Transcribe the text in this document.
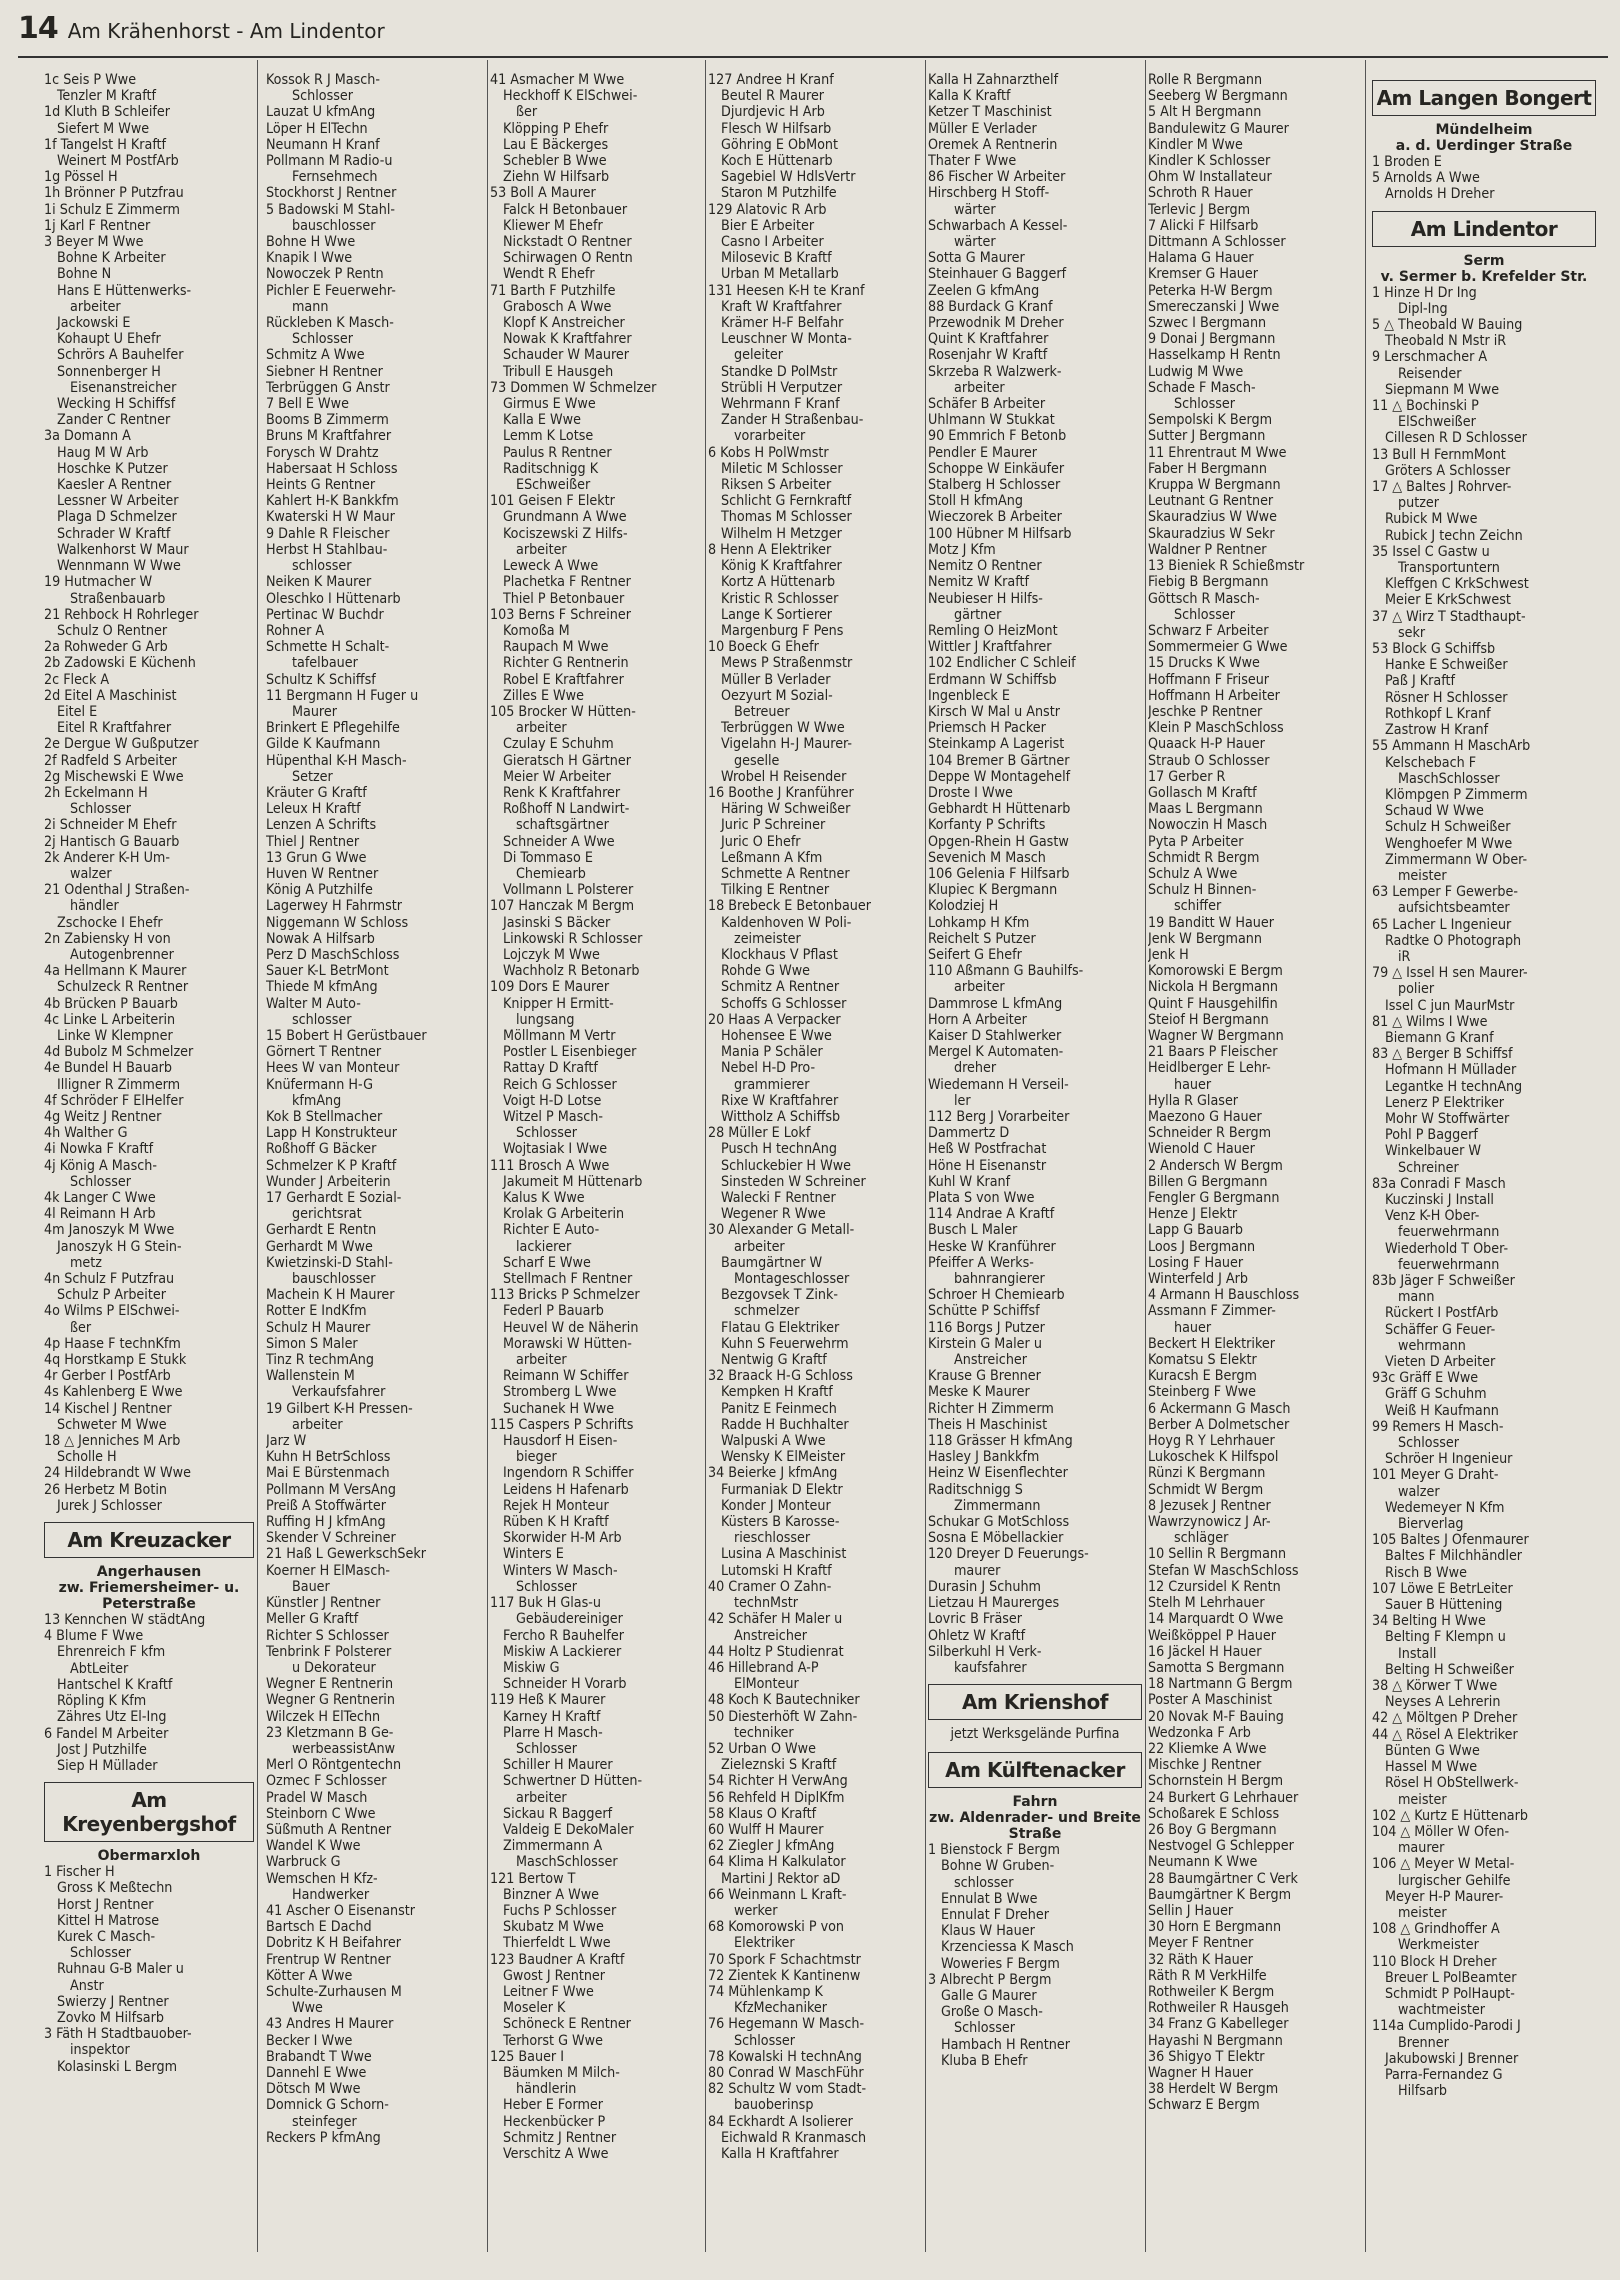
14 Am Krähenhorst - Am Lindentor
1c Seis P Wwe
Tenzler M Kraftf
1d Kluth B Schleifer
Siefert M Wwe
1f Tangelst H Kraftf
Weinert M PostfArb
1g Pössel H
1h Brönner P Putzfrau
1i Schulz E Zimmerm
1j Karl F Rentner
3 Beyer M Wwe
Bohne K Arbeiter
Bohne N
Hans E Hüttenwerks-
arbeiter
Jackowski E
Kohaupt U Ehefr
Schrörs A Bauhelfer
Sonnenberger H
Eisenanstreicher
Wecking H Schiffsf
Zander C Rentner
3a Domann A
Haug M W Arb
Hoschke K Putzer
Kaesler A Rentner
Lessner W Arbeiter
Plaga D Schmelzer
Schrader W Kraftf
Walkenhorst W Maur
Wennmann W Wwe
19 Hutmacher W
Straßenbauarb
21 Rehbock H Rohrleger
Schulz O Rentner
2a Rohweder G Arb
2b Zadowski E Küchenh
2c Fleck A
2d Eitel A Maschinist
Eitel E
Eitel R Kraftfahrer
2e Dergue W Gußputzer
2f Radfeld S Arbeiter
2g Mischewski E Wwe
2h Eckelmann H
Schlosser
2i Schneider M Ehefr
2j Hantisch G Bauarb
2k Anderer K-H Um-
walzer
21 Odenthal J Straßen-
händler
Zschocke I Ehefr
2n Zabiensky H von
Autogenbrenner
4a Hellmann K Maurer
Schulzeck R Rentner
4b Brücken P Bauarb
4c Linke L Arbeiterin
Linke W Klempner
4d Bubolz M Schmelzer
4e Bundel H Bauarb
Illigner R Zimmerm
4f Schröder F ElHelfer
4g Weitz J Rentner
4h Walther G
4i Nowka F Kraftf
4j König A Masch-
Schlosser
4k Langer C Wwe
4l Reimann H Arb
4m Janoszyk M Wwe
Janoszyk H G Stein-
metz
4n Schulz F Putzfrau
Schulz P Arbeiter
4o Wilms P ElSchwei-
ßer
4p Haase F technKfm
4q Horstkamp E Stukk
4r Gerber I PostfArb
4s Kahlenberg E Wwe
14 Kischel J Rentner
Schweter M Wwe
18 △ Jenniches M Arb
Scholle H
24 Hildebrandt W Wwe
26 Herbetz M Botin
Jurek J Schlosser
Am Kreuzacker
Angerhausen
zw. Friemersheimer- u. Peterstraße
13 Kennchen W städtAng
4 Blume F Wwe
Ehrenreich F kfm
AbtLeiter
Hantschel K Kraftf
Röpling K Kfm
Zähres Utz El-Ing
6 Fandel M Arbeiter
Jost J Putzhilfe
Siep H Müllader
Am Kreyenbergshof
Obermarxloh
1 Fischer H
Gross K Meßtechn
Horst J Rentner
Kittel H Matrose
Kurek C Masch-
Schlosser
Ruhnau G-B Maler u
Anstr
Swierzy J Rentner
Zovko M Hilfsarb
3 Fäth H Stadtbauober-
inspektor
Kolasinski L Bergm
Kossok R J Masch-
Schlosser
Lauzat U kfmAng
Löper H ElTechn
Neumann H Kranf
Pollmann M Radio-u
Fernsehmech
Stockhorst J Rentner
5 Badowski M Stahl-
bauschlosser
Bohne H Wwe
Knapik I Wwe
Nowoczek P Rentn
Pichler E Feuerwehr-
mann
Rückleben K Masch-
Schlosser
Schmitz A Wwe
Siebner H Rentner
Terbrüggen G Anstr
7 Bell E Wwe
Booms B Zimmerm
Bruns M Kraftfahrer
Forysch W Drahtz
Habersaat H Schloss
Heints G Rentner
Kahlert H-K Bankkfm
Kwaterski H W Maur
9 Dahle R Fleischer
Herbst H Stahlbau-
schlosser
Neiken K Maurer
Oleschko I Hüttenarb
Pertinac W Buchdr
Rohner A
Schmette H Schalt-
tafelbauer
Schultz K Schiffsf
11 Bergmann H Fuger u
Maurer
Brinkert E Pflegehilfe
Gilde K Kaufmann
Hüpenthal K-H Masch-
Setzer
Kräuter G Kraftf
Leleux H Kraftf
Lenzen A Schrifts
Thiel J Rentner
13 Grun G Wwe
Huven W Rentner
König A Putzhilfe
Lagerwey H Fahrmstr
Niggemann W Schloss
Nowak A Hilfsarb
Perz D MaschSchloss
Sauer K-L BetrMont
Thiede M kfmAng
Walter M Auto-
schlosser
15 Bobert H Gerüstbauer
Görnert T Rentner
Hees W van Monteur
Knüfermann H-G
kfmAng
Kok B Stellmacher
Lapp H Konstrukteur
Roßhoff G Bäcker
Schmelzer K P Kraftf
Wunder J Arbeiterin
17 Gerhardt E Sozial-
gerichtsrat
Gerhardt E Rentn
Gerhardt M Wwe
Kwietzinski-D Stahl-
bauschlosser
Machein K H Maurer
Rotter E IndKfm
Schulz H Maurer
Simon S Maler
Tinz R techmAng
Wallenstein M
Verkaufsfahrer
19 Gilbert K-H Pressen-
arbeiter
Jarz W
Kuhn H BetrSchloss
Mai E Bürstenmach
Pollmann M VersAng
Preiß A Stoffwärter
Ruffing H J kfmAng
Skender V Schreiner
21 Haß L GewerkschSekr
Koerner H ElMasch-
Bauer
Künstler J Rentner
Meller G Kraftf
Richter S Schlosser
Tenbrink F Polsterer
u Dekorateur
Wegner E Rentnerin
Wegner G Rentnerin
Wilczek H ElTechn
23 Kletzmann B Ge-
werbeassistAnw
Merl O Röntgentechn
Ozmec F Schlosser
Pradel W Masch
Steinborn C Wwe
Süßmuth A Rentner
Wandel K Wwe
Warbruck G
Wemschen H Kfz-
Handwerker
41 Ascher O Eisenanstr
Bartsch E Dachd
Dobritz K H Beifahrer
Frentrup W Rentner
Kötter A Wwe
Schulte-Zurhausen M
Wwe
43 Andres H Maurer
Becker I Wwe
Brabandt T Wwe
Dannehl E Wwe
Dötsch M Wwe
Domnick G Schorn-
steinfeger
Reckers P kfmAng
41 Asmacher M Wwe
Heckhoff K ElSchwei-
ßer
Klöpping P Ehefr
Lau E Bäckerges
Schebler B Wwe
Ziehn W Hilfsarb
53 Boll A Maurer
Falck H Betonbauer
Kliewer M Ehefr
Nickstadt O Rentner
Schirwagen O Rentn
Wendt R Ehefr
71 Barth F Putzhilfe
Grabosch A Wwe
Klopf K Anstreicher
Nowak K Kraftfahrer
Schauder W Maurer
Tribull E Hausgeh
73 Dommen W Schmelzer
Girmus E Wwe
Kalla E Wwe
Lemm K Lotse
Paulus R Rentner
Raditschnigg K
ESchweißer
101 Geisen F Elektr
Grundmann A Wwe
Kociszewski Z Hilfs-
arbeiter
Leweck A Wwe
Plachetka F Rentner
Thiel P Betonbauer
103 Berns F Schreiner
Komoßa M
Raupach M Wwe
Richter G Rentnerin
Robel E Kraftfahrer
Zilles E Wwe
105 Brocker W Hütten-
arbeiter
Czulay E Schuhm
Gieratsch H Gärtner
Meier W Arbeiter
Renk K Kraftfahrer
Roßhoff N Landwirt-
schaftsgärtner
Schneider A Wwe
Di Tommaso E
Chemiearb
Vollmann L Polsterer
107 Hanczak M Bergm
Jasinski S Bäcker
Linkowski R Schlosser
Lojczyk M Wwe
Wachholz R Betonarb
109 Dors E Maurer
Knipper H Ermitt-
lungsang
Möllmann M Vertr
Postler L Eisenbieger
Rattay D Kraftf
Reich G Schlosser
Voigt H-D Lotse
Witzel P Masch-
Schlosser
Wojtasiak I Wwe
111 Brosch A Wwe
Jakumeit M Hüttenarb
Kalus K Wwe
Krolak G Arbeiterin
Richter E Auto-
lackierer
Scharf E Wwe
Stellmach F Rentner
113 Bricks P Schmelzer
Federl P Bauarb
Heuvel W de Näherin
Morawski W Hütten-
arbeiter
Reimann W Schiffer
Stromberg L Wwe
Suchanek H Wwe
115 Caspers P Schrifts
Hausdorf H Eisen-
bieger
Ingendorn R Schiffer
Leidens H Hafenarb
Rejek H Monteur
Rüben K H Kraftf
Skorwider H-M Arb
Winters E
Winters W Masch-
Schlosser
117 Buk H Glas-u
Gebäudereiniger
Fercho R Bauhelfer
Miskiw A Lackierer
Miskiw G
Schneider H Vorarb
119 Heß K Maurer
Karney H Kraftf
Plarre H Masch-
Schlosser
Schiller H Maurer
Schwertner D Hütten-
arbeiter
Sickau R Baggerf
Valdeig E DekoMaler
Zimmermann A
MaschSchlosser
121 Bertow T
Binzner A Wwe
Fuchs P Schlosser
Skubatz M Wwe
Thierfeldt L Wwe
123 Baudner A Kraftf
Gwost J Rentner
Leitner F Wwe
Moseler K
Schöneck E Rentner
Terhorst G Wwe
125 Bauer I
Bäumken M Milch-
händlerin
Heber E Former
Heckenbücker P
Schmitz J Rentner
Verschitz A Wwe
127 Andree H Kranf
Beutel R Maurer
Djurdjevic H Arb
Flesch W Hilfsarb
Göhring E ObMont
Koch E Hüttenarb
Sagebiel W HdlsVertr
Staron M Putzhilfe
129 Alatovic R Arb
Bier E Arbeiter
Casno I Arbeiter
Milosevic B Kraftf
Urban M Metallarb
131 Heesen K-H te Kranf
Kraft W Kraftfahrer
Krämer H-F Belfahr
Leuschner W Monta-
geleiter
Standke D PolMstr
Strübli H Verputzer
Wehrmann F Kranf
Zander H Straßenbau-
vorarbeiter
6 Kobs H PolWmstr
Miletic M Schlosser
Riksen S Arbeiter
Schlicht G Fernkraftf
Thomas M Schlosser
Wilhelm H Metzger
8 Henn A Elektriker
König K Kraftfahrer
Kortz A Hüttenarb
Kristic R Schlosser
Lange K Sortierer
Margenburg F Pens
10 Boeck G Ehefr
Mews P Straßenmstr
Müller B Verlader
Oezyurt M Sozial-
Betreuer
Terbrüggen W Wwe
Vigelahn H-J Maurer-
geselle
Wrobel H Reisender
16 Boothe J Kranführer
Häring W Schweißer
Juric P Schreiner
Juric O Ehefr
Leßmann A Kfm
Schmette A Rentner
Tilking E Rentner
18 Brebeck E Betonbauer
Kaldenhoven W Poli-
zeimeister
Klockhaus V Pflast
Rohde G Wwe
Schmitz A Rentner
Schoffs G Schlosser
20 Haas A Verpacker
Hohensee E Wwe
Mania P Schäler
Nebel H-D Pro-
grammierer
Rixe W Kraftfahrer
Wittholz A Schiffsb
28 Müller E Lokf
Pusch H technAng
Schluckebier H Wwe
Sinsteden W Schreiner
Walecki F Rentner
Wegener R Wwe
30 Alexander G Metall-
arbeiter
Baumgärtner W
Montageschlosser
Bezgovsek T Zink-
schmelzer
Flatau G Elektriker
Kuhn S Feuerwehrm
Nentwig G Kraftf
32 Braack H-G Schloss
Kempken H Kraftf
Panitz E Feinmech
Radde H Buchhalter
Walpuski A Wwe
Wensky K ElMeister
34 Beierke J kfmAng
Furmaniak D Elektr
Konder J Monteur
Küsters B Karosse-
rieschlosser
Lusina A Maschinist
Lutomski H Kraftf
40 Cramer O Zahn-
technMstr
42 Schäfer H Maler u
Anstreicher
44 Holtz P Studienrat
46 Hillebrand A-P
ElMonteur
48 Koch K Bautechniker
50 Diesterhöft W Zahn-
techniker
52 Urban O Wwe
Zieleznski S Kraftf
54 Richter H VerwAng
56 Rehfeld H DiplKfm
58 Klaus O Kraftf
60 Wulff H Maurer
62 Ziegler J kfmAng
64 Klima H Kalkulator
Martini J Rektor aD
66 Weinmann L Kraft-
werker
68 Komorowski P von
Elektriker
70 Spork F Schachtmstr
72 Zientek K Kantinenw
74 Mühlenkamp K
KfzMechaniker
76 Hegemann W Masch-
Schlosser
78 Kowalski H technAng
80 Conrad W MaschFühr
82 Schultz W vom Stadt-
bauoberinsp
84 Eckhardt A Isolierer
Eichwald R Kranmasch
Kalla H Kraftfahrer
Kalla H Zahnarzthelf
Kalla K Kraftf
Ketzer T Maschinist
Müller E Verlader
Oremek A Rentnerin
Thater F Wwe
86 Fischer W Arbeiter
Hirschberg H Stoff-
wärter
Schwarbach A Kessel-
wärter
Sotta G Maurer
Steinhauer G Baggerf
Zeelen G kfmAng
88 Burdack G Kranf
Przewodnik M Dreher
Quint K Kraftfahrer
Rosenjahr W Kraftf
Skrzeba R Walzwerk-
arbeiter
Schäfer B Arbeiter
Uhlmann W Stukkat
90 Emmrich F Betonb
Pendler E Maurer
Schoppe W Einkäufer
Stalberg H Schlosser
Stoll H kfmAng
Wieczorek B Arbeiter
100 Hübner M Hilfsarb
Motz J Kfm
Nemitz O Rentner
Nemitz W Kraftf
Neubieser H Hilfs-
gärtner
Remling O HeizMont
Wittler J Kraftfahrer
102 Endlicher C Schleif
Erdmann W Schiffsb
Ingenbleck E
Kirsch W Mal u Anstr
Priemsch H Packer
Steinkamp A Lagerist
104 Bremer B Gärtner
Deppe W Montagehelf
Droste I Wwe
Gebhardt H Hüttenarb
Korfanty P Schrifts
Opgen-Rhein H Gastw
Sevenich M Masch
106 Gelenia F Hilfsarb
Klupiec K Bergmann
Kolodziej H
Lohkamp H Kfm
Reichelt S Putzer
Seifert G Ehefr
110 Aßmann G Bauhilfs-
arbeiter
Dammrose L kfmAng
Horn A Arbeiter
Kaiser D Stahlwerker
Mergel K Automaten-
dreher
Wiedemann H Verseil-
ler
112 Berg J Vorarbeiter
Dammertz D
Heß W Postfrachat
Höne H Eisenanstr
Kuhl W Kranf
Plata S von Wwe
114 Andrae A Kraftf
Busch L Maler
Heske W Kranführer
Pfeiffer A Werks-
bahnrangierer
Schroer H Chemiearb
Schütte P Schiffsf
116 Borgs J Putzer
Kirstein G Maler u
Anstreicher
Krause G Brenner
Meske K Maurer
Richter H Zimmerm
Theis H Maschinist
118 Grässer H kfmAng
Hasley J Bankkfm
Heinz W Eisenflechter
Raditschnigg S
Zimmermann
Schukar G MotSchloss
Sosna E Möbellackier
120 Dreyer D Feuerungs-
maurer
Durasin J Schuhm
Lietzau H Maurerges
Lovric B Fräser
Ohletz W Kraftf
Silberkuhl H Verk-
kaufsfahrer
Am Krienshof
jetzt Werksgelände Purfina
Am Külftenacker
Fahrn
zw. Aldenrader- und Breite Straße
1 Bienstock F Bergm
Bohne W Gruben-
schlosser
Ennulat B Wwe
Ennulat F Dreher
Klaus W Hauer
Krzenciessa K Masch
Woweries F Bergm
3 Albrecht P Bergm
Galle G Maurer
Große O Masch-
Schlosser
Hambach H Rentner
Kluba B Ehefr
Rolle R Bergmann
Seeberg W Bergmann
5 Alt H Bergmann
Bandulewitz G Maurer
Kindler M Wwe
Kindler K Schlosser
Ohm W Installateur
Schroth R Hauer
Terlevic J Bergm
7 Alicki F Hilfsarb
Dittmann A Schlosser
Halama G Hauer
Kremser G Hauer
Peterka H-W Bergm
Smereczanski J Wwe
Szwec I Bergmann
9 Donai J Bergmann
Hasselkamp H Rentn
Ludwig M Wwe
Schade F Masch-
Schlosser
Sempolski K Bergm
Sutter J Bergmann
11 Ehrentraut M Wwe
Faber H Bergmann
Kruppa W Bergmann
Leutnant G Rentner
Skauradzius W Wwe
Skauradzius W Sekr
Waldner P Rentner
13 Bieniek R Schießmstr
Fiebig B Bergmann
Göttsch R Masch-
Schlosser
Schwarz F Arbeiter
Sommermeier G Wwe
15 Drucks K Wwe
Hoffmann F Friseur
Hoffmann H Arbeiter
Jeschke P Rentner
Klein P MaschSchloss
Quaack H-P Hauer
Straub O Schlosser
17 Gerber R
Gollasch M Kraftf
Maas L Bergmann
Nowoczin H Masch
Pyta P Arbeiter
Schmidt R Bergm
Schulz A Wwe
Schulz H Binnen-
schiffer
19 Banditt W Hauer
Jenk W Bergmann
Jenk H
Komorowski E Bergm
Nickola H Bergmann
Quint F Hausgehilfin
Steiof H Bergmann
Wagner W Bergmann
21 Baars P Fleischer
Heidlberger E Lehr-
hauer
Hylla R Glaser
Maezono G Hauer
Schneider R Bergm
Wienold C Hauer
2 Andersch W Bergm
Billen G Bergmann
Fengler G Bergmann
Henze J Elektr
Lapp G Bauarb
Loos J Bergmann
Losing F Hauer
Winterfeld J Arb
4 Armann H Bauschloss
Assmann F Zimmer-
hauer
Beckert H Elektriker
Komatsu S Elektr
Kuracsh E Bergm
Steinberg F Wwe
6 Ackermann G Masch
Berber A Dolmetscher
Hoyg R Y Lehrhauer
Lukoschek K Hilfspol
Rünzi K Bergmann
Schmidt W Bergm
8 Jezusek J Rentner
Wawrzynowicz J Ar-
schläger
10 Sellin R Bergmann
Stefan W MaschSchloss
12 Czursidel K Rentn
Stelh M Lehrhauer
14 Marquardt O Wwe
Weißköppel P Hauer
16 Jäckel H Hauer
Samotta S Bergmann
18 Nartmann G Bergm
Poster A Maschinist
20 Novak M-F Bauing
Wedzonka F Arb
22 Kliemke A Wwe
Mischke J Rentner
Schornstein H Bergm
24 Burkert G Lehrhauer
Schoßarek E Schloss
26 Boy G Bergmann
Nestvogel G Schlepper
Neumann K Wwe
28 Baumgärtner C Verk
Baumgärtner K Bergm
Sellin J Hauer
30 Horn E Bergmann
Meyer F Rentner
32 Räth K Hauer
Räth R M VerkHilfe
Rothweiler K Bergm
Rothweiler R Hausgeh
34 Franz G Kabelleger
Hayashi N Bergmann
36 Shigyo T Elektr
Wagner H Hauer
38 Herdelt W Bergm
Schwarz E Bergm
Am Langen Bongert
Mündelheim
a. d. Uerdinger Straße
1 Broden E
5 Arnolds A Wwe
Arnolds H Dreher
Am Lindentor
Serm
v. Sermer b. Krefelder Str.
1 Hinze H Dr Ing
Dipl-Ing
5 △ Theobald W Bauing
Theobald N Mstr iR
9 Lerschmacher A
Reisender
Siepmann M Wwe
11 △ Bochinski P
ElSchweißer
Cillesen R D Schlosser
13 Bull H FernmMont
Gröters A Schlosser
17 △ Baltes J Rohrver-
putzer
Rubick M Wwe
Rubick J techn Zeichn
35 Issel C Gastw u
Transportuntern
Kleffgen C KrkSchwest
Meier E KrkSchwest
37 △ Wirz T Stadthaupt-
sekr
53 Block G Schiffsb
Hanke E Schweißer
Paß J Kraftf
Rösner H Schlosser
Rothkopf L Kranf
Zastrow H Kranf
55 Ammann H MaschArb
Kelschebach F
MaschSchlosser
Klömpgen P Zimmerm
Schaud W Wwe
Schulz H Schweißer
Wenghoefer M Wwe
Zimmermann W Ober-
meister
63 Lemper F Gewerbe-
aufsichtsbeamter
65 Lacher L Ingenieur
Radtke O Photograph
iR
79 △ Issel H sen Maurer-
polier
Issel C jun MaurMstr
81 △ Wilms I Wwe
Biemann G Kranf
83 △ Berger B Schiffsf
Hofmann H Müllader
Legantke H technAng
Lenerz P Elektriker
Mohr W Stoffwärter
Pohl P Baggerf
Winkelbauer W
Schreiner
83a Conradi F Masch
Kuczinski J Install
Venz K-H Ober-
feuerwehrmann
Wiederhold T Ober-
feuerwehrmann
83b Jäger F Schweißer
mann
Rückert I PostfArb
Schäffer G Feuer-
wehrmann
Vieten D Arbeiter
93c Gräff E Wwe
Gräff G Schuhm
Weiß H Kaufmann
99 Remers H Masch-
Schlosser
Schröer H Ingenieur
101 Meyer G Draht-
walzer
Wedemeyer N Kfm
Bierverlag
105 Baltes J Ofenmaurer
Baltes F Milchhändler
Risch B Wwe
107 Löwe E BetrLeiter
Sauer B Hüttening
34 Belting H Wwe
Belting F Klempn u
Install
Belting H Schweißer
38 △ Körwer T Wwe
Neyses A Lehrerin
42 △ Möltgen P Dreher
44 △ Rösel A Elektriker
Bünten G Wwe
Hassel M Wwe
Rösel H ObStellwerk-
meister
102 △ Kurtz E Hüttenarb
104 △ Möller W Ofen-
maurer
106 △ Meyer W Metal-
lurgischer Gehilfe
Meyer H-P Maurer-
meister
108 △ Grindhoffer A
Werkmeister
110 Block H Dreher
Breuer L PolBeamter
Schmidt P PolHaupt-
wachtmeister
114a Cumplido-Parodi J
Brenner
Jakubowski J Brenner
Parra-Fernandez G
Hilfsarb
